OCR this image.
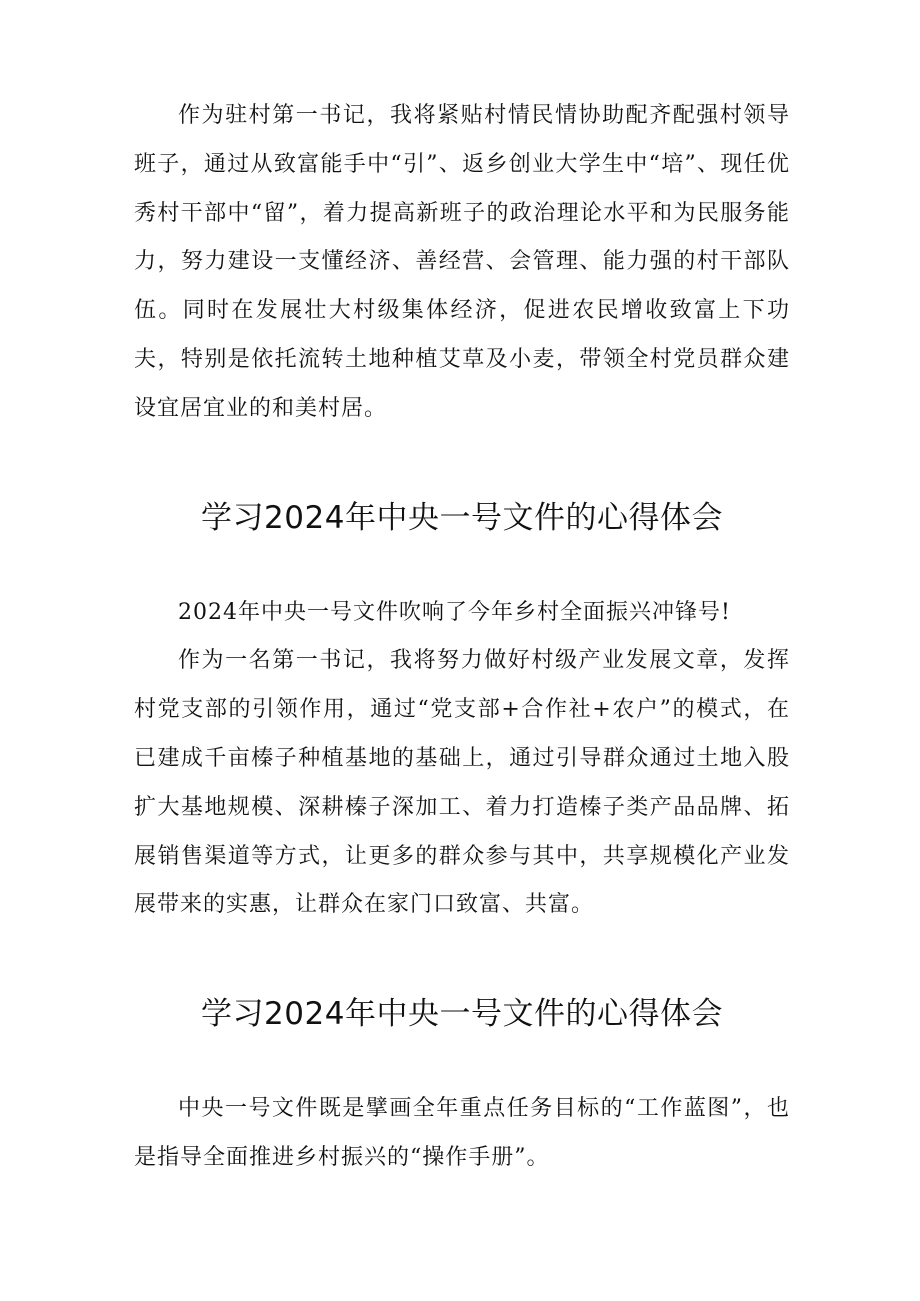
作为驻村第一书记，我将紧贴村情民情协助配齐配强村领导班子，通过从致富能手中“引”、返乡创业大学生中“培”、现任优秀村干部中“留”，着力提高新班子的政治理论水平和为民服务能力，努力建设一支懂经济、善经营、会管理、能力强的村干部队伍。同时在发展壮大村级集体经济，促进农民增收致富上下功夫，特别是依托流转土地种植艾草及小麦，带领全村党员群众建设宜居宜业的和美村居。

学习2024年中央一号文件的心得体会

2024年中央一号文件吹响了今年乡村全面振兴冲锋号!

作为一名第一书记，我将努力做好村级产业发展文章，发挥村党支部的引领作用，通过“党支部+合作社+农户”的模式，在已建成千亩榛子种植基地的基础上，通过引导群众通过土地入股扩大基地规模、深耕榛子深加工、着力打造榛子类产品品牌、拓展销售渠道等方式，让更多的群众参与其中，共享规模化产业发展带来的实惠，让群众在家门口致富、共富。

学习2024年中央一号文件的心得体会

中央一号文件既是擘画全年重点任务目标的“工作蓝图”，也是指导全面推进乡村振兴的“操作手册”。
